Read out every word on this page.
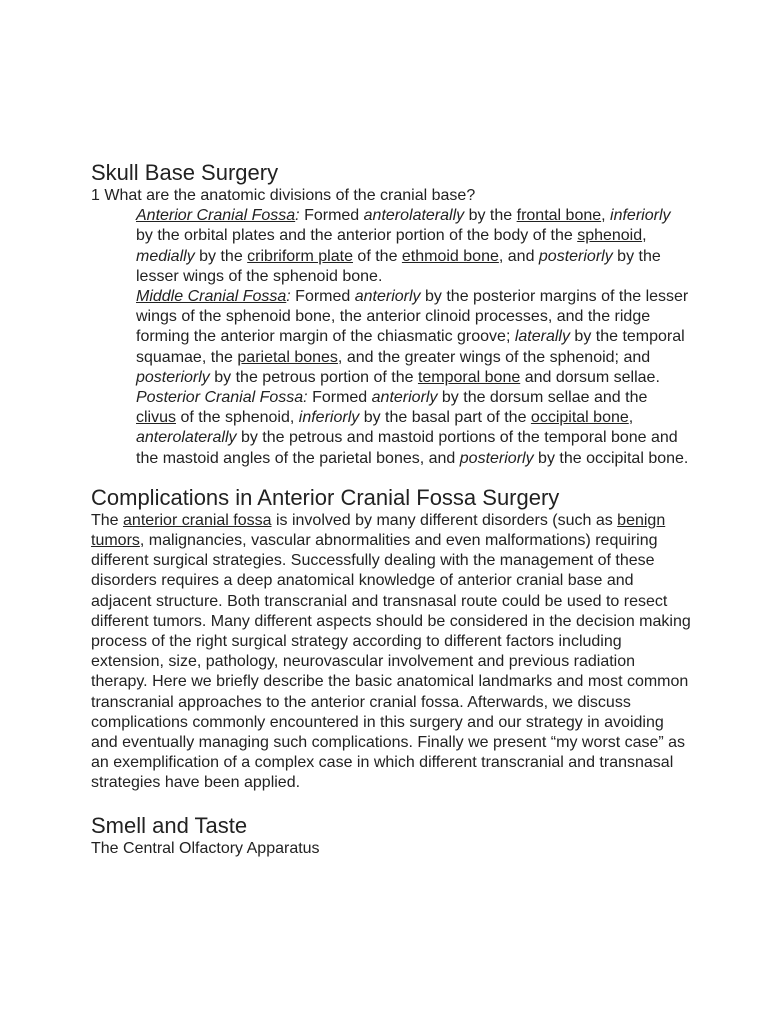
Skull Base Surgery

1 What are the anatomic divisions of the cranial base?

Anterior Cranial Fossa: Formed anterolaterally by the frontal bone, inferiorly by the orbital plates and the anterior portion of the body of the sphenoid, medially by the cribriform plate of the ethmoid bone, and posteriorly by the lesser wings of the sphenoid bone.

Middle Cranial Fossa: Formed anteriorly by the posterior margins of the lesser wings of the sphenoid bone, the anterior clinoid processes, and the ridge forming the anterior margin of the chiasmatic groove; laterally by the temporal squamae, the parietal bones, and the greater wings of the sphenoid; and posteriorly by the petrous portion of the temporal bone and dorsum sellae.

Posterior Cranial Fossa: Formed anteriorly by the dorsum sellae and the clivus of the sphenoid, inferiorly by the basal part of the occipital bone, anterolaterally by the petrous and mastoid portions of the temporal bone and the mastoid angles of the parietal bones, and posteriorly by the occipital bone.

Complications in Anterior Cranial Fossa Surgery

The anterior cranial fossa is involved by many different disorders (such as benign tumors, malignancies, vascular abnormalities and even malformations) requiring different surgical strategies. Successfully dealing with the management of these disorders requires a deep anatomical knowledge of anterior cranial base and adjacent structure. Both transcranial and transnasal route could be used to resect different tumors. Many different aspects should be considered in the decision making process of the right surgical strategy according to different factors including extension, size, pathology, neurovascular involvement and previous radiation therapy. Here we briefly describe the basic anatomical landmarks and most common transcranial approaches to the anterior cranial fossa. Afterwards, we discuss complications commonly encountered in this surgery and our strategy in avoiding and eventually managing such complications. Finally we present “my worst case” as an exemplification of a complex case in which different transcranial and transnasal strategies have been applied.

Smell and Taste

The Central Olfactory Apparatus
